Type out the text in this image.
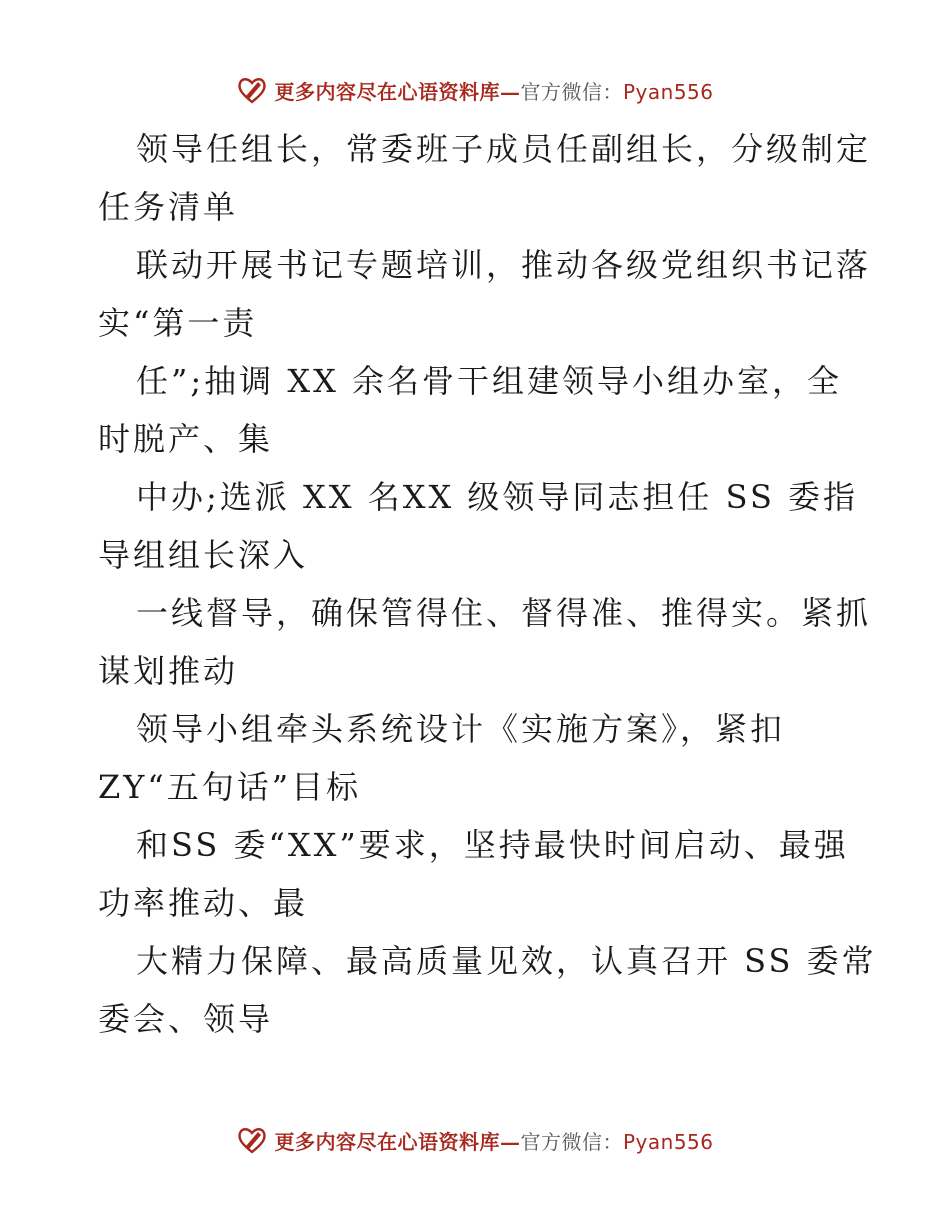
更多内容尽在心语资料库—官方微信：Pyan556
领导任组长，常委班子成员任副组长，分级制定
任务清单
联动开展书记专题培训，推动各级党组织书记落
实“第一责
任”;抽调 XX 余名骨干组建领导小组办室，全
时脱产、集
中办;选派 XX 名XX 级领导同志担任 SS 委指
导组组长深入
一线督导，确保管得住、督得准、推得实。紧抓
谋划推动
领导小组牵头系统设计《实施方案》，紧扣
ZY“五句话”目标
和SS 委“XX”要求，坚持最快时间启动、最强
功率推动、最
大精力保障、最高质量见效，认真召开 SS 委常
委会、领导
更多内容尽在心语资料库—官方微信：Pyan556
